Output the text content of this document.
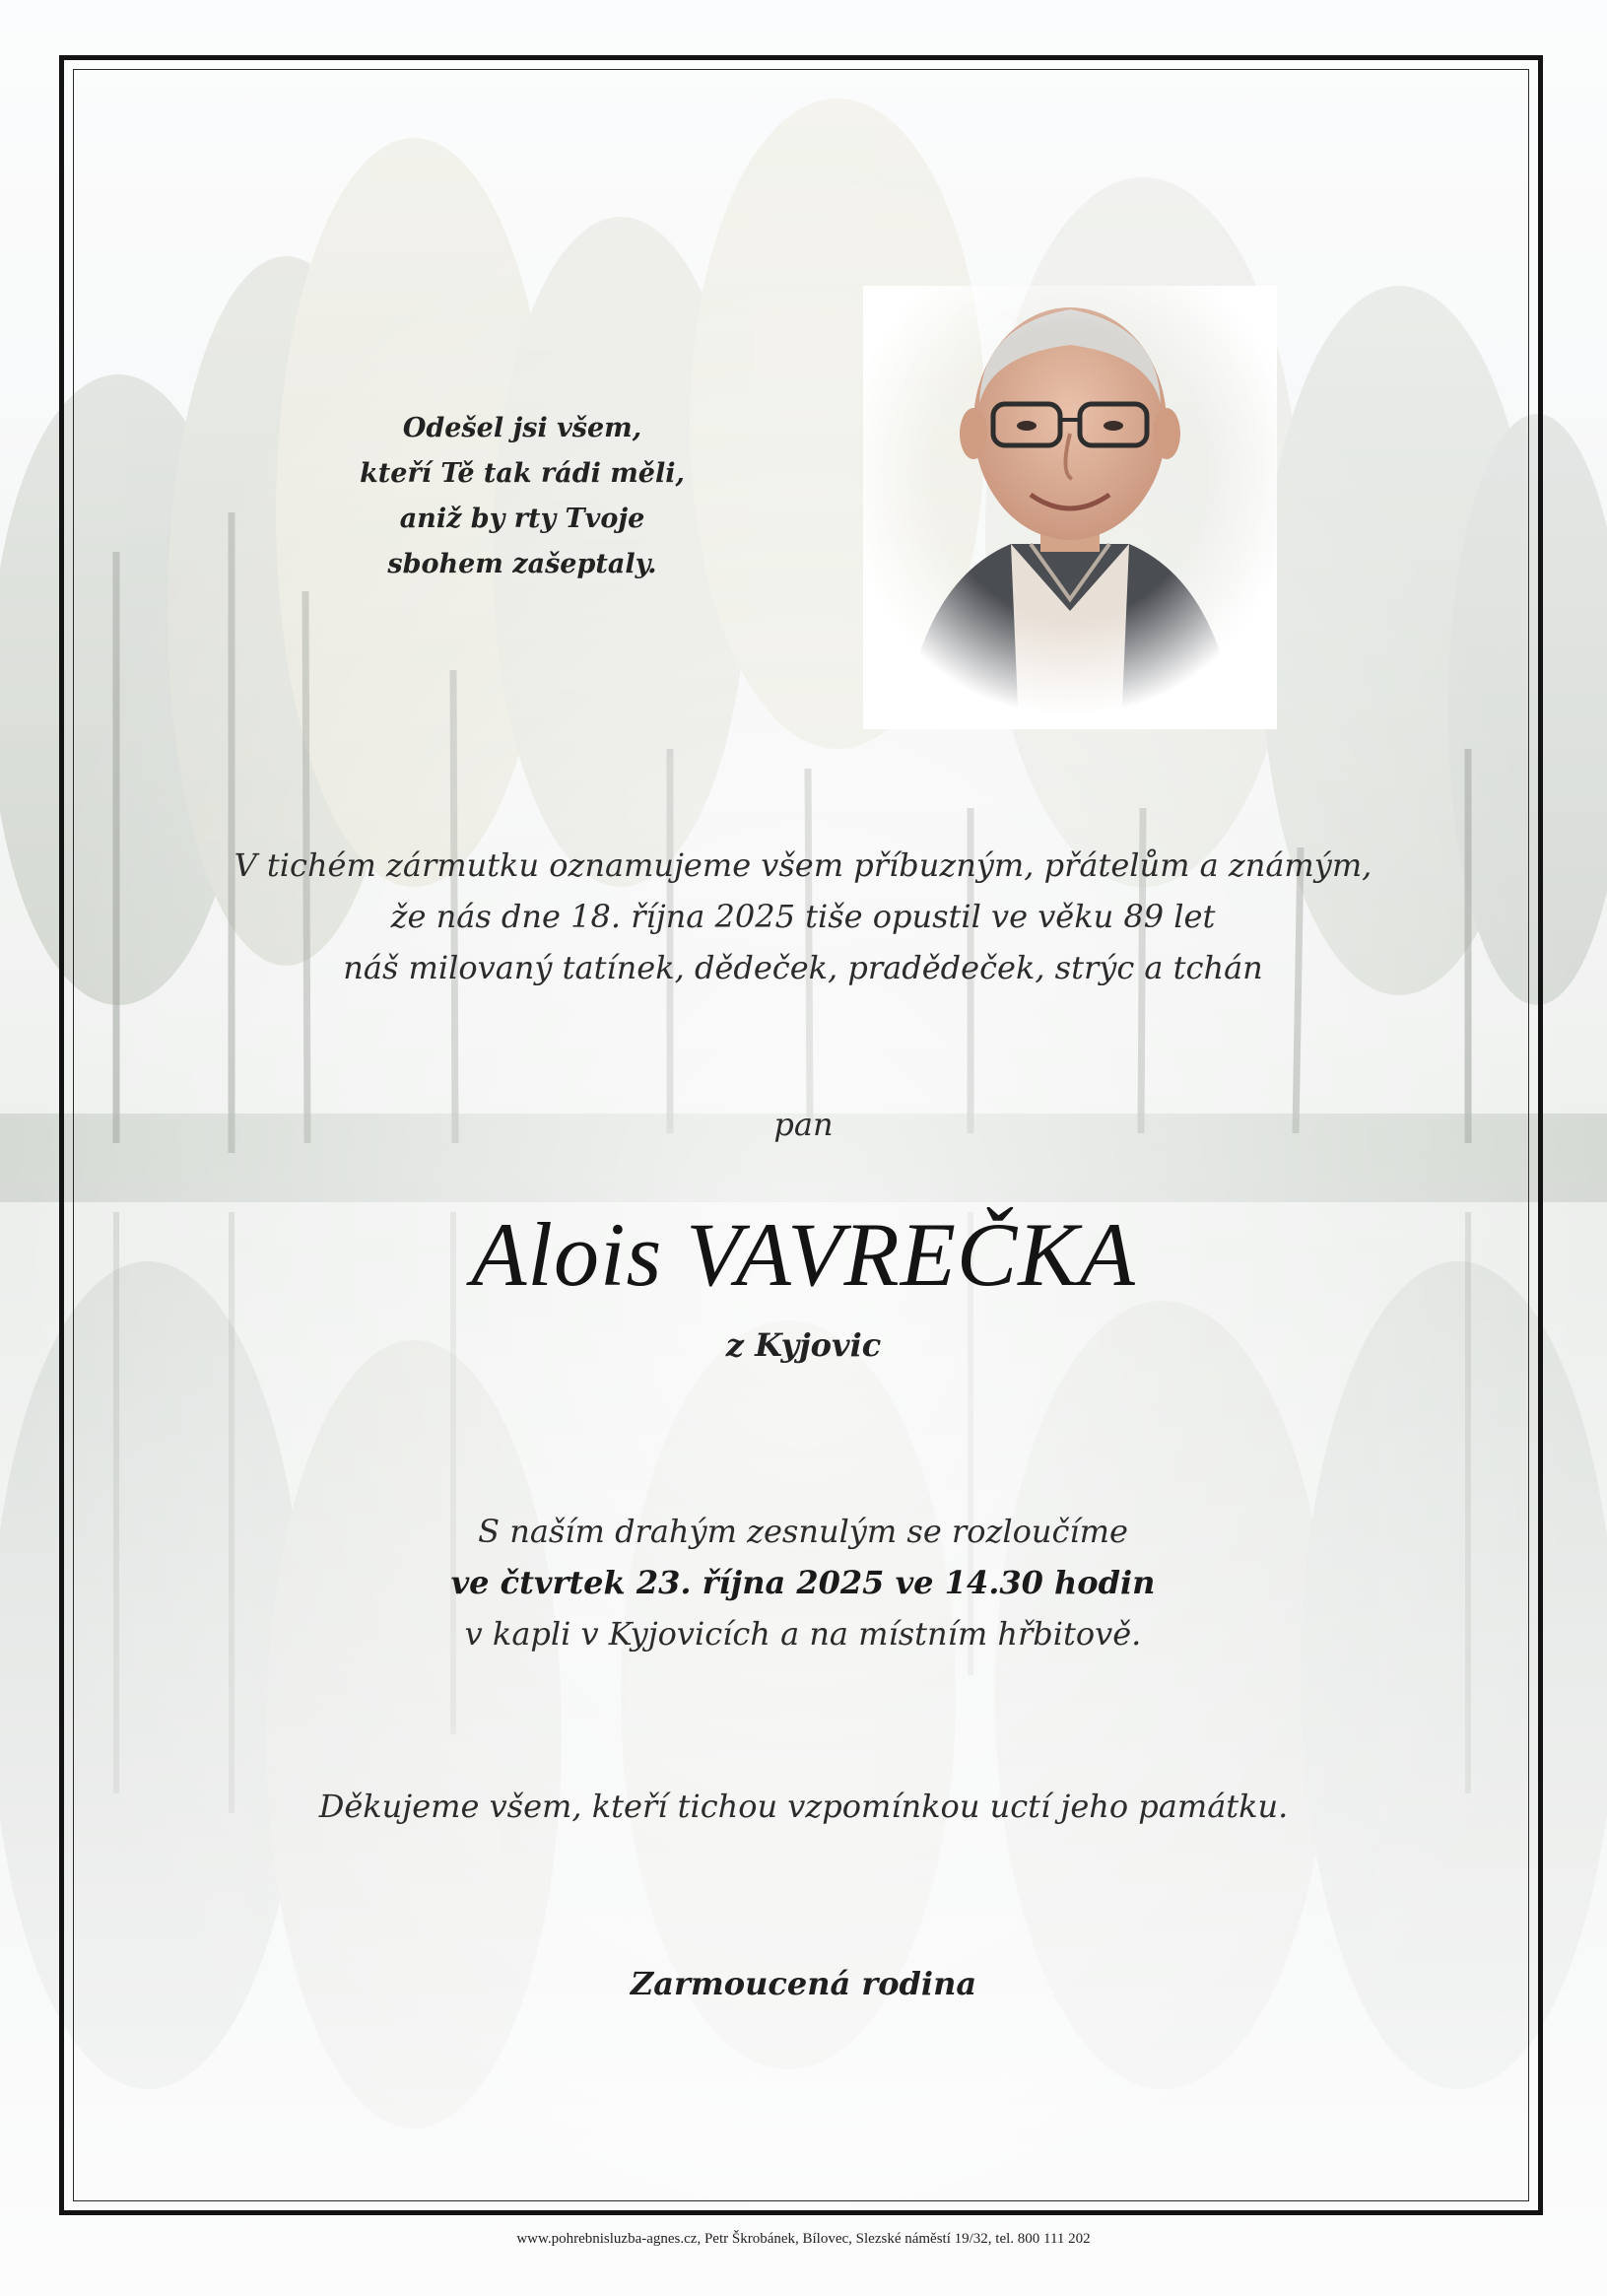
Odešel jsi všem,
kteří Tě tak rádi měli,
aniž by rty Tvoje
sbohem zašeptaly.
V tichém zármutku oznamujeme všem příbuzným, přátelům a známým,
že nás dne 18. října 2025 tiše opustil ve věku 89 let
náš milovaný tatínek, dědeček, pradědeček, strýc a tchán
pan
Alois VAVREČKA
z Kyjovic
S naším drahým zesnulým se rozloučíme
ve čtvrtek 23. října 2025 ve 14.30 hodin
v kapli v Kyjovicích a na místním hřbitově.
Děkujeme všem, kteří tichou vzpomínkou uctí jeho památku.
Zarmoucená rodina
www.pohrebnisluzba-agnes.cz, Petr Škrobánek, Bílovec, Slezské náměstí 19/32, tel. 800 111 202
